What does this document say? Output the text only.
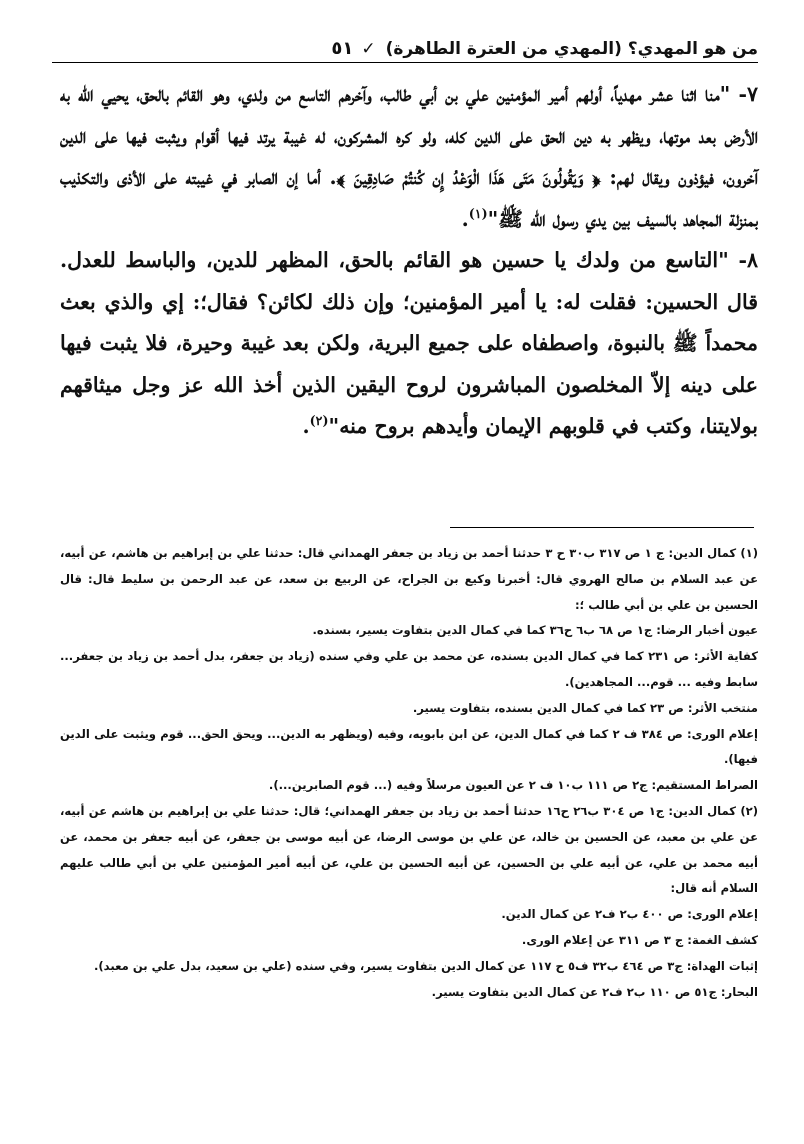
من هو المهدي؟ (المهدي من العترة الطاهرة)
✓
٥١

٧- "منا اثنا عشر مهدياً، أولهم أمير المؤمنين علي بن أبي طالب، وآخرهم التاسع من ولدي، وهو القائم بالحق، يحيي الله به الأرض بعد موتها، ويظهر به دين الحق على الدين كله، ولو كره المشركون، له غيبة يرتد فيها أقوام ويثبت فيها على الدين آخرون، فيؤذون ويقال لهم: ﴿ وَيَقُولُونَ مَتَى هَذَا الْوَعْدُ إِن كُنتُمْ صَادِقِينَ ﴾. أما إن الصابر في غيبته على الأذى والتكذيب بمنزلة المجاهد بالسيف بين يدي رسول الله ﷺ"$^{(١)}$.

٨- "التاسع من ولدك يا حسين هو القائم بالحق، المظهر للدين، والباسط للعدل. قال الحسين: فقلت له: يا أمير المؤمنين؛ وإن ذلك لكائن؟ فقال؛: إي والذي بعث محمداً ﷺ بالنبوة، واصطفاه على جميع البرية، ولكن بعد غيبة وحيرة، فلا يثبت فيها على دينه إلاّ المخلصون المباشرون لروح اليقين الذين أخذ الله عز وجل ميثاقهم بولايتنا، وكتب في قلوبهم الإيمان وأيدهم بروح منه"$^{(٢)}$.

(١) كمال الدين: ج ١ ص ٣١٧ ب٣٠ ح ٣ حدثنا أحمد بن زياد بن جعفر الهمداني قال: حدثنا علي بن إبراهيم بن هاشم، عن أبيه، عن عبد السلام بن صالح الهروي قال: أخبرنا وكيع بن الجراح، عن الربيع بن سعد، عن عبد الرحمن بن سليط قال: قال الحسين بن علي بن أبي طالب ؛:

عيون أخبار الرضا: ج١ ص ٦٨ ب٦ ح٣٦ كما في كمال الدين بتفاوت يسير، بسنده.

كفاية الأثر: ص ٢٣١ كما في كمال الدين بسنده، عن محمد بن علي وفي سنده (زياد بن جعفر، بدل أحمد بن زياد بن جعفر... سابط وفيه ... قوم... المجاهدين).

منتخب الأثر: ص ٢٣ كما في كمال الدين بسنده، بتفاوت يسير.

إعلام الورى: ص ٣٨٤ ف ٢ كما في كمال الدين، عن ابن بابويه، وفيه (ويظهر به الدين... ويحق الحق... قوم ويثبت على الدين فيها).

الصراط المستقيم: ج٢ ص ١١١ ب١٠ ف ٢ عن العيون مرسلاً وفيه (... قوم الصابرين...).

(٢) كمال الدين: ج١ ص ٣٠٤ ب٢٦ ح١٦ حدثنا أحمد بن زياد بن جعفر الهمداني؛ قال: حدثنا علي بن إبراهيم بن هاشم عن أبيه، عن علي بن معبد، عن الحسين بن خالد، عن علي بن موسى الرضا، عن أبيه موسى بن جعفر، عن أبيه جعفر بن محمد، عن أبيه محمد بن علي، عن أبيه علي بن الحسين، عن أبيه الحسين بن علي، عن أبيه أمير المؤمنين علي بن أبي طالب عليهم السلام أنه قال:

إعلام الورى: ص ٤٠٠ ب٢ ف٢ عن كمال الدين.

كشف الغمة: ج ٣ ص ٣١١ عن إعلام الورى.

إثبات الهداة: ج٣ ص ٤٦٤ ب٣٢ ف٥ ح ١١٧ عن كمال الدين بتفاوت يسير، وفي سنده (علي بن سعيد، بدل علي بن معبد).

البحار: ج٥١ ص ١١٠ ب٢ ف٢ عن كمال الدين بتفاوت يسير.
